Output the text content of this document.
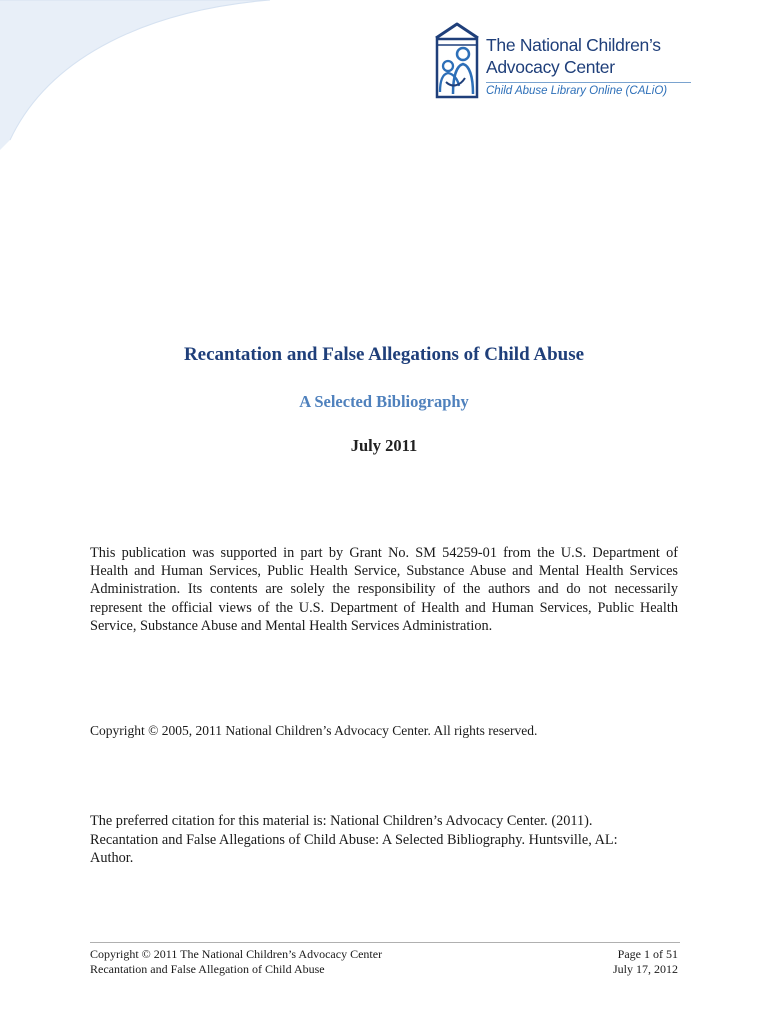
The National Children’s
Advocacy Center
Child Abuse Library Online (CALiO)
Recantation and False Allegations of Child Abuse
A Selected Bibliography
July 2011
This publication was supported in part by Grant No. SM 54259-01 from the U.S. Department of Health and Human Services, Public Health Service, Substance Abuse and Mental Health Services Administration. Its contents are solely the responsibility of the authors and do not necessarily represent the official views of the U.S. Department of Health and Human Services, Public Health Service, Substance Abuse and Mental Health Services Administration.
Copyright © 2005, 2011 National Children’s Advocacy Center. All rights reserved.
The preferred citation for this material is: National Children’s Advocacy Center. (2011).
Recantation and False Allegations of Child Abuse: A Selected Bibliography. Huntsville, AL:
Author.
Copyright © 2011 The National Children’s Advocacy Center
Recantation and False Allegation of Child Abuse
Page 1 of 51
July 17, 2012
